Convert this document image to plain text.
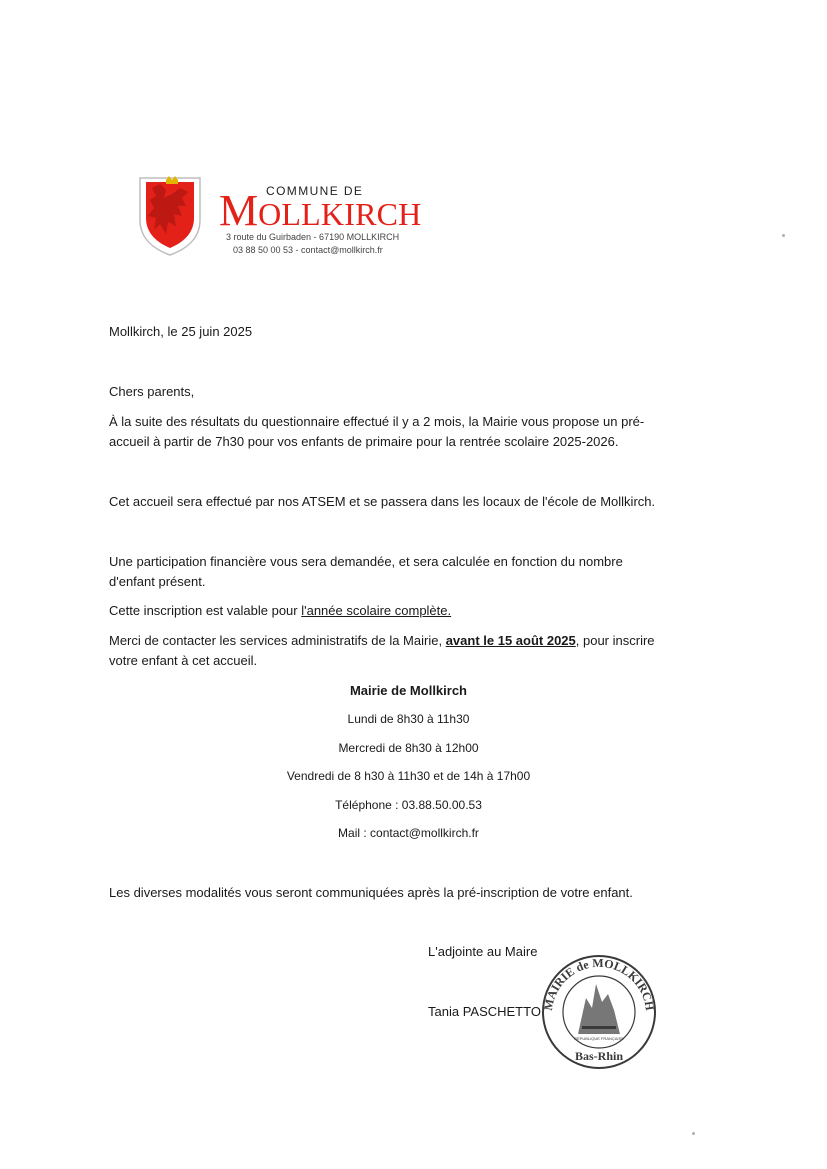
COMMUNE DE
MOLLKIRCH
3 route du Guirbaden - 67190 MOLLKIRCH
03 88 50 00 53 - contact@mollkirch.fr
Mollkirch, le 25 juin 2025
Chers parents,
À la suite des résultats du questionnaire effectué il y a 2 mois, la Mairie vous propose un pré-
accueil à partir de 7h30 pour vos enfants de primaire pour la rentrée scolaire 2025-2026.
Cet accueil sera effectué par nos ATSEM et se passera dans les locaux de l'école de Mollkirch.
Une participation financière vous sera demandée, et sera calculée en fonction du nombre
d'enfant présent.
Cette inscription est valable pour l'année scolaire complète.
Merci de contacter les services administratifs de la Mairie, avant le 15 août 2025, pour inscrire
votre enfant à cet accueil.
Mairie de Mollkirch
Lundi de 8h30 à 11h30
Mercredi de 8h30 à 12h00
Vendredi de 8 h30 à 11h30 et de 14h à 17h00
Téléphone : 03.88.50.00.53
Mail : contact@mollkirch.fr
Les diverses modalités vous seront communiquées après la pré-inscription de votre enfant.
L'adjointe au Maire
Tania PASCHETTO MAIRIE de MOLLKIRCH
RÉPUBLIQUE FRANÇAISE
Bas-Rhin
